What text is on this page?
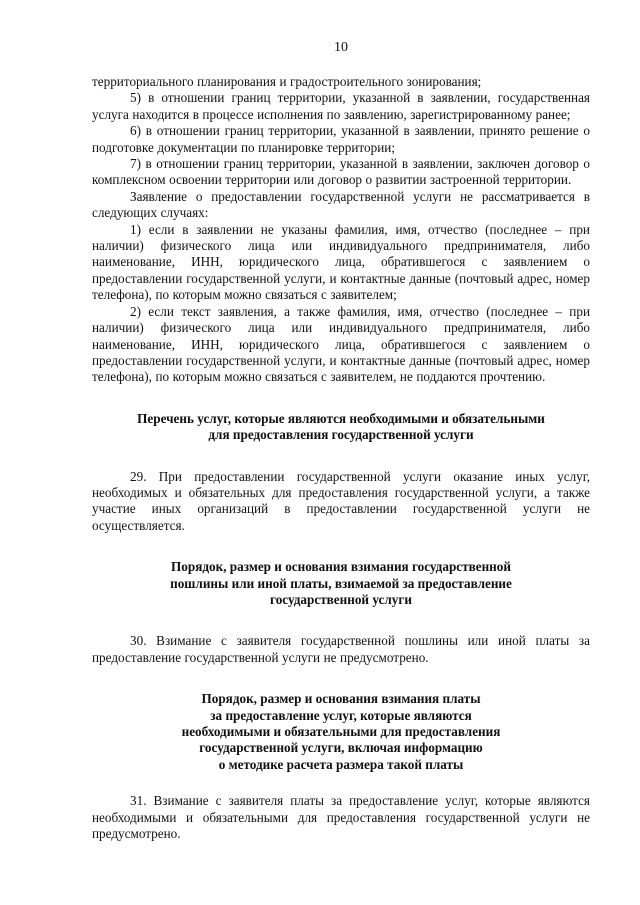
10

территориального планирования и градостроительного зонирования;

5) в отношении границ территории, указанной в заявлении, государственная услуга находится в процессе исполнения по заявлению, зарегистрированному ранее;

6) в отношении границ территории, указанной в заявлении, принято решение о подготовке документации по планировке территории;

7) в отношении границ территории, указанной в заявлении, заключен договор о комплексном освоении территории или договор о развитии застроенной территории.

Заявление о предоставлении государственной услуги не рассматривается в следующих случаях:

1) если в заявлении не указаны фамилия, имя, отчество (последнее – при наличии) физического лица или индивидуального предпринимателя, либо наименование, ИНН, юридического лица, обратившегося с заявлением о предоставлении государственной услуги, и контактные данные (почтовый адрес, номер телефона), по которым можно связаться с заявителем;

2) если текст заявления, а также фамилия, имя, отчество (последнее – при наличии) физического лица или индивидуального предпринимателя, либо наименование, ИНН, юридического лица, обратившегося с заявлением о предоставлении государственной услуги, и контактные данные (почтовый адрес, номер телефона), по которым можно связаться с заявителем, не поддаются прочтению.

Перечень услуг, которые являются необходимыми и обязательными
для предоставления государственной услуги

29. При предоставлении государственной услуги оказание иных услуг, необходимых и обязательных для предоставления государственной услуги, а также участие иных организаций в предоставлении государственной услуги не осуществляется.

Порядок, размер и основания взимания государственной
пошлины или иной платы, взимаемой за предоставление
государственной услуги

30. Взимание с заявителя государственной пошлины или иной платы за предоставление государственной услуги не предусмотрено.

Порядок, размер и основания взимания платы
за предоставление услуг, которые являются
необходимыми и обязательными для предоставления
государственной услуги, включая информацию
о методике расчета размера такой платы

31. Взимание с заявителя платы за предоставление услуг, которые являются необходимыми и обязательными для предоставления государственной услуги не предусмотрено.
